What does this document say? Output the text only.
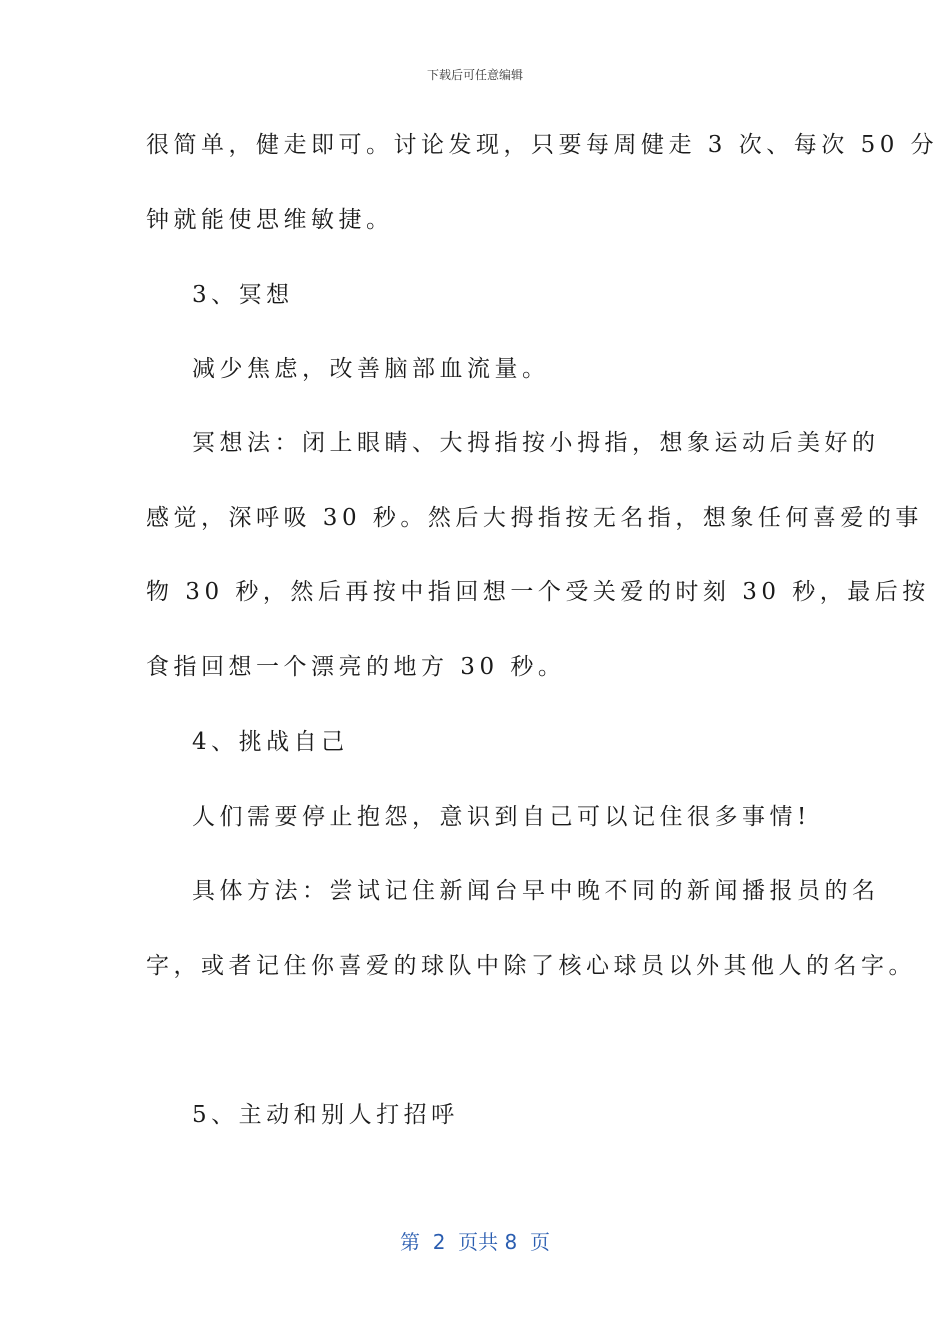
下载后可任意编辑
很简单，健走即可。讨论发现，只要每周健走 3 次、每次 50 分
钟就能使思维敏捷。
3、冥想
减少焦虑，改善脑部血流量。
冥想法：闭上眼睛、大拇指按小拇指，想象运动后美好的
感觉，深呼吸 30 秒。然后大拇指按无名指，想象任何喜爱的事
物 30 秒，然后再按中指回想一个受关爱的时刻 30 秒，最后按
食指回想一个漂亮的地方 30 秒。
4、挑战自己
人们需要停止抱怨，意识到自己可以记住很多事情!
具体方法：尝试记住新闻台早中晚不同的新闻播报员的名
字，或者记住你喜爱的球队中除了核心球员以外其他人的名字。
5、主动和别人打招呼
第  2  页共 8  页
